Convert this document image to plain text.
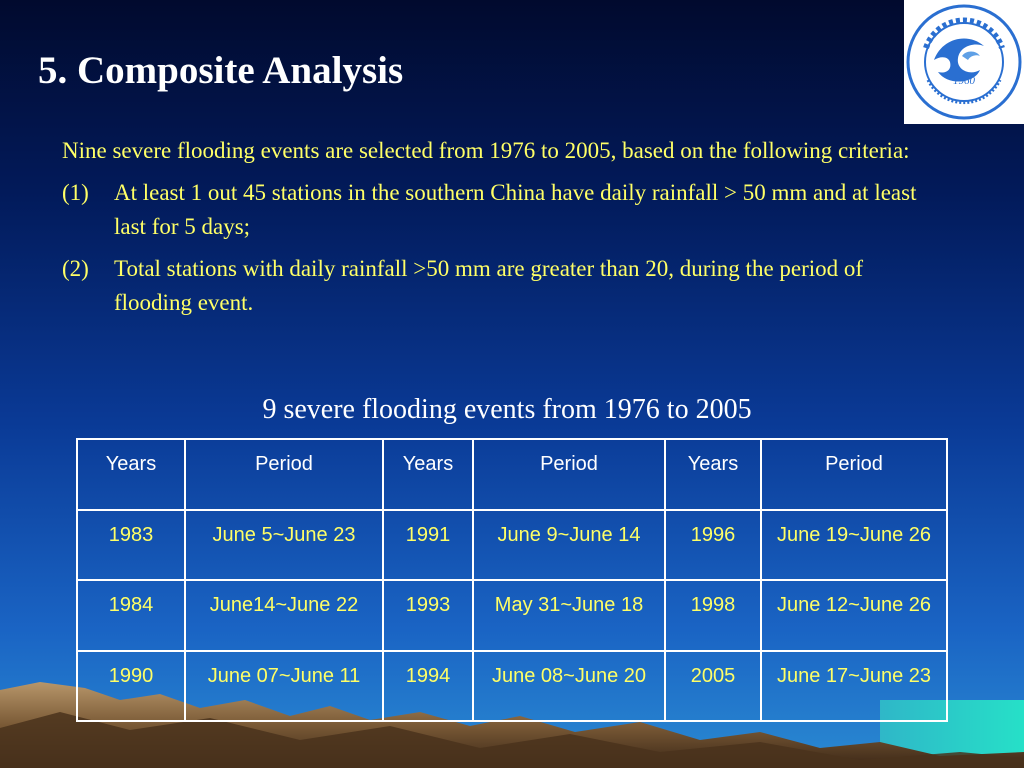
5. Composite Analysis	1960

Nine severe flooding events are selected from 1976 to 2005, based on the following criteria:

(1) At least 1 out 45 stations in the southern China have daily rainfall > 50 mm and at least last for 5 days;
(2) Total stations with daily rainfall >50 mm are greater than 20, during the period of flooding event.
9 severe flooding events from 1976 to 2005
Years	Period	Years	Period	Years	Period
1983	June 5~June 23	1991	June 9~June 14	1996	June 19~June 26
1984	June14~June 22	1993	May 31~June 18	1998	June 12~June 26
1990	June 07~June 11	1994	June 08~June 20	2005	June 17~June 23
